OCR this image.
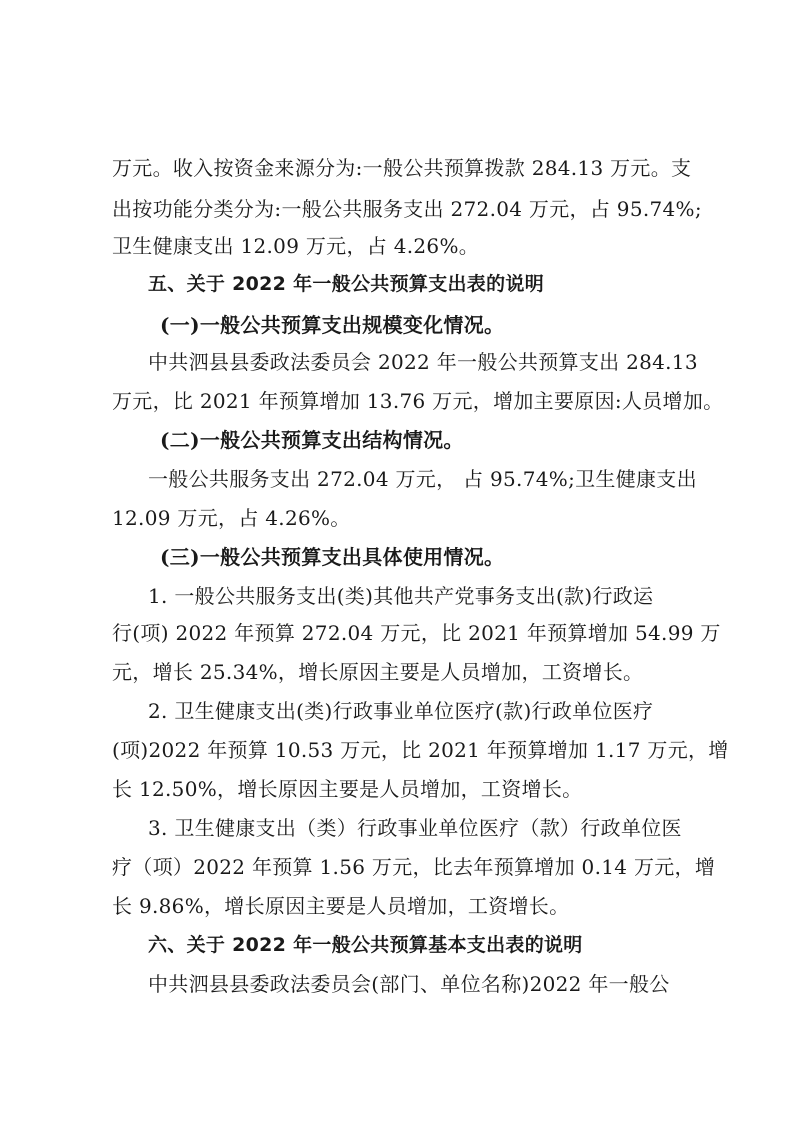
万元。收入按资金来源分为:一般公共预算拨款 284.13 万元。支
出按功能分类分为:一般公共服务支出 272.04 万元，占 95.74%;
卫生健康支出 12.09 万元，占 4.26%。
五、关于 2022 年一般公共预算支出表的说明
(一)一般公共预算支出规模变化情况。
中共泗县县委政法委员会 2022 年一般公共预算支出 284.13
万元，比 2021 年预算增加 13.76 万元，增加主要原因:人员增加。
(二)一般公共预算支出结构情况。
一般公共服务支出 272.04 万元， 占 95.74%;卫生健康支出
12.09 万元，占 4.26%。
(三)一般公共预算支出具体使用情况。
1. 一般公共服务支出(类)其他共产党事务支出(款)行政运
行(项) 2022 年预算 272.04 万元，比 2021 年预算增加 54.99 万
元，增长 25.34%，增长原因主要是人员增加，工资增长。
2. 卫生健康支出(类)行政事业单位医疗(款)行政单位医疗
(项)2022 年预算 10.53 万元，比 2021 年预算增加 1.17 万元，增
长 12.50%，增长原因主要是人员增加，工资增长。
3. 卫生健康支出（类）行政事业单位医疗（款）行政单位医
疗（项）2022 年预算 1.56 万元，比去年预算增加 0.14 万元，增
长 9.86%，增长原因主要是人员增加，工资增长。
六、关于 2022 年一般公共预算基本支出表的说明
中共泗县县委政法委员会(部门、单位名称)2022 年一般公
